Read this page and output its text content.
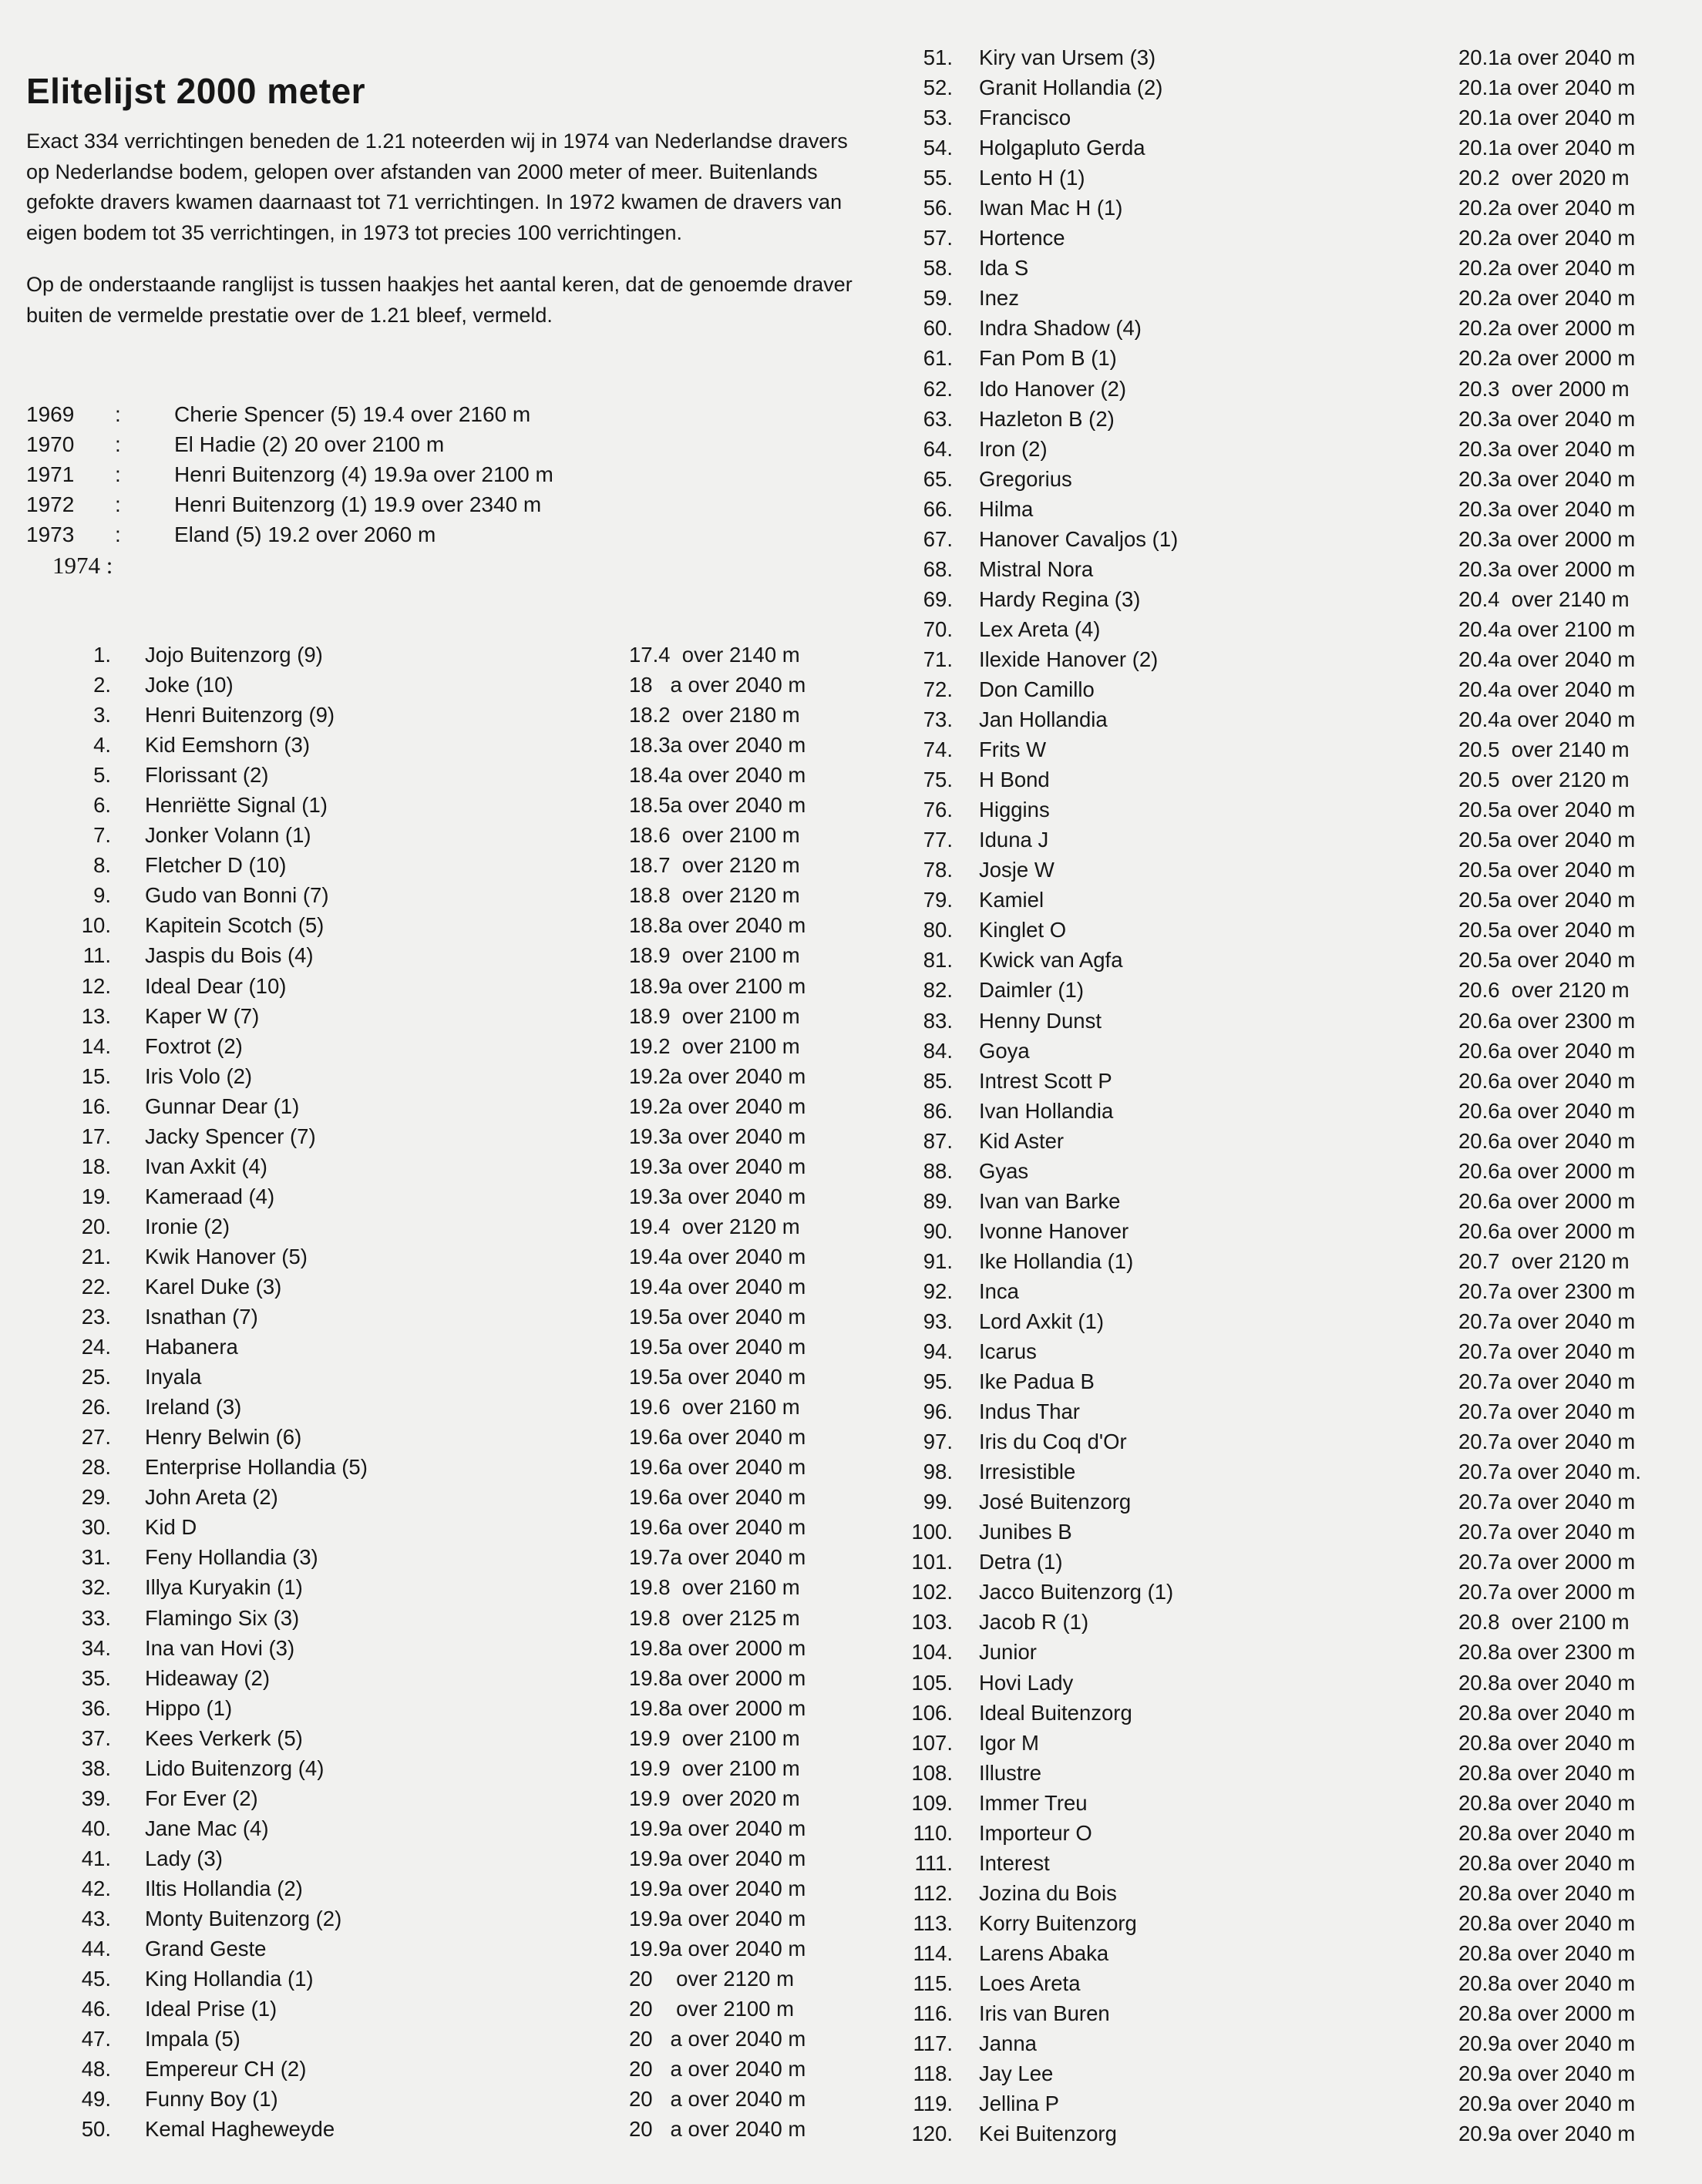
Elitelijst 2000 meter

Exact 334 verrichtingen beneden de 1.21 noteerden wij in 1974 van Nederlandse dravers op Nederlandse bodem, gelopen over afstanden van 2000 meter of meer. Buitenlands gefokte dravers kwamen daarnaast tot 71 verrichtingen. In 1972 kwamen de dravers van eigen bodem tot 35 verrichtingen, in 1973 tot precies 100 verrichtingen.

Op de onderstaande ranglijst is tussen haakjes het aantal keren, dat de genoemde draver buiten de vermelde prestatie over de 1.21 bleef, vermeld.

1969 : Cherie Spencer (5) 19.4 over 2160 m
1970 : El Hadie (2) 20 over 2100 m
1971 : Henri Buitenzorg (4) 19.9a over 2100 m
1972 : Henri Buitenzorg (1) 19.9 over 2340 m
1973 : Eland (5) 19.2 over 2060 m
1974 :
1. Jojo Buitenzorg (9)	17.4  over 2140 m
2. Joke (10)	18   a over 2040 m
3. Henri Buitenzorg (9)	18.2  over 2180 m
4. Kid Eemshorn (3)	18.3a over 2040 m
5. Florissant (2)	18.4a over 2040 m
6. Henriëtte Signal (1)	18.5a over 2040 m
7. Jonker Volann (1)	18.6  over 2100 m
8. Fletcher D (10)	18.7  over 2120 m
9. Gudo van Bonni (7)	18.8  over 2120 m
10. Kapitein Scotch (5)	18.8a over 2040 m
11. Jaspis du Bois (4)	18.9  over 2100 m
12. Ideal Dear (10)	18.9a over 2100 m
13. Kaper W (7)	18.9  over 2100 m
14. Foxtrot (2)	19.2  over 2100 m
15. Iris Volo (2)	19.2a over 2040 m
16. Gunnar Dear (1)	19.2a over 2040 m
17. Jacky Spencer (7)	19.3a over 2040 m
18. Ivan Axkit (4)	19.3a over 2040 m
19. Kameraad (4)	19.3a over 2040 m
20. Ironie (2)	19.4  over 2120 m
21. Kwik Hanover (5)	19.4a over 2040 m
22. Karel Duke (3)	19.4a over 2040 m
23. Isnathan (7)	19.5a over 2040 m
24. Habanera	19.5a over 2040 m
25. Inyala	19.5a over 2040 m
26. Ireland (3)	19.6  over 2160 m
27. Henry Belwin (6)	19.6a over 2040 m
28. Enterprise Hollandia (5)	19.6a over 2040 m
29. John Areta (2)	19.6a over 2040 m
30. Kid D	19.6a over 2040 m
31. Feny Hollandia (3)	19.7a over 2040 m
32. Illya Kuryakin (1)	19.8  over 2160 m
33. Flamingo Six (3)	19.8  over 2125 m
34. Ina van Hovi (3)	19.8a over 2000 m
35. Hideaway (2)	19.8a over 2000 m
36. Hippo (1)	19.8a over 2000 m
37. Kees Verkerk (5)	19.9  over 2100 m
38. Lido Buitenzorg (4)	19.9  over 2100 m
39. For Ever (2)	19.9  over 2020 m
40. Jane Mac (4)	19.9a over 2040 m
41. Lady (3)	19.9a over 2040 m
42. Iltis Hollandia (2)	19.9a over 2040 m
43. Monty Buitenzorg (2)	19.9a over 2040 m
44. Grand Geste	19.9a over 2040 m
45. King Hollandia (1)	20    over 2120 m
46. Ideal Prise (1)	20    over 2100 m
47. Impala (5)	20   a over 2040 m
48. Empereur CH (2)	20   a over 2040 m
49. Funny Boy (1)	20   a over 2040 m
50. Kemal Hagheweyde	20   a over 2040 m
51. Kiry van Ursem (3)	20.1a over 2040 m
52. Granit Hollandia (2)	20.1a over 2040 m
53. Francisco	20.1a over 2040 m
54. Holgapluto Gerda	20.1a over 2040 m
55. Lento H (1)	20.2  over 2020 m
56. Iwan Mac H (1)	20.2a over 2040 m
57. Hortence	20.2a over 2040 m
58. Ida S	20.2a over 2040 m
59. Inez	20.2a over 2040 m
60. Indra Shadow (4)	20.2a over 2000 m
61. Fan Pom B (1)	20.2a over 2000 m
62. Ido Hanover (2)	20.3  over 2000 m
63. Hazleton B (2)	20.3a over 2040 m
64. Iron (2)	20.3a over 2040 m
65. Gregorius	20.3a over 2040 m
66. Hilma	20.3a over 2040 m
67. Hanover Cavaljos (1)	20.3a over 2000 m
68. Mistral Nora	20.3a over 2000 m
69. Hardy Regina (3)	20.4  over 2140 m
70. Lex Areta (4)	20.4a over 2100 m
71. Ilexide Hanover (2)	20.4a over 2040 m
72. Don Camillo	20.4a over 2040 m
73. Jan Hollandia	20.4a over 2040 m
74. Frits W	20.5  over 2140 m
75. H Bond	20.5  over 2120 m
76. Higgins	20.5a over 2040 m
77. Iduna J	20.5a over 2040 m
78. Josje W	20.5a over 2040 m
79. Kamiel	20.5a over 2040 m
80. Kinglet O	20.5a over 2040 m
81. Kwick van Agfa	20.5a over 2040 m
82. Daimler (1)	20.6  over 2120 m
83. Henny Dunst	20.6a over 2300 m
84. Goya	20.6a over 2040 m
85. Intrest Scott P	20.6a over 2040 m
86. Ivan Hollandia	20.6a over 2040 m
87. Kid Aster	20.6a over 2040 m
88. Gyas	20.6a over 2000 m
89. Ivan van Barke	20.6a over 2000 m
90. Ivonne Hanover	20.6a over 2000 m
91. Ike Hollandia (1)	20.7  over 2120 m
92. Inca	20.7a over 2300 m
93. Lord Axkit (1)	20.7a over 2040 m
94. Icarus	20.7a over 2040 m
95. Ike Padua B	20.7a over 2040 m
96. Indus Thar	20.7a over 2040 m
97. Iris du Coq d'Or	20.7a over 2040 m
98. Irresistible	20.7a over 2040 m.
99. José Buitenzorg	20.7a over 2040 m
100. Junibes B	20.7a over 2040 m
101. Detra (1)	20.7a over 2000 m
102. Jacco Buitenzorg (1)	20.7a over 2000 m
103. Jacob R (1)	20.8  over 2100 m
104. Junior	20.8a over 2300 m
105. Hovi Lady	20.8a over 2040 m
106. Ideal Buitenzorg	20.8a over 2040 m
107. Igor M	20.8a over 2040 m
108. Illustre	20.8a over 2040 m
109. Immer Treu	20.8a over 2040 m
110. Importeur O	20.8a over 2040 m
111. Interest	20.8a over 2040 m
112. Jozina du Bois	20.8a over 2040 m
113. Korry Buitenzorg	20.8a over 2040 m
114. Larens Abaka	20.8a over 2040 m
115. Loes Areta	20.8a over 2040 m
116. Iris van Buren	20.8a over 2000 m
117. Janna	20.9a over 2040 m
118. Jay Lee	20.9a over 2040 m
119. Jellina P	20.9a over 2040 m
120. Kei Buitenzorg	20.9a over 2040 m
